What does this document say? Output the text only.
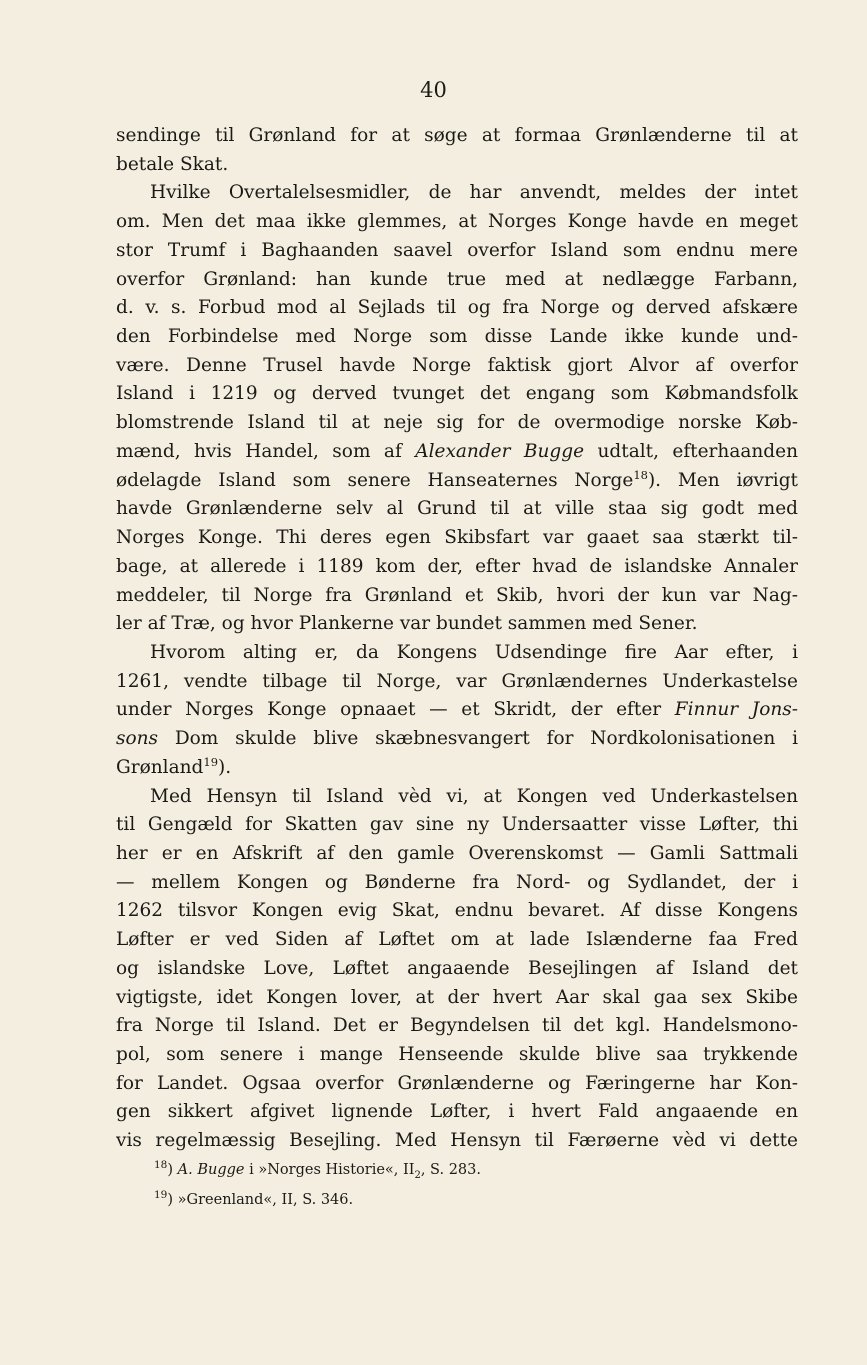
40
sendinge til Grønland for at søge at formaa Grønlænderne til at
betale Skat.
Hvilke Overtalelsesmidler, de har anvendt, meldes der intet
om. Men det maa ikke glemmes, at Norges Konge havde en meget
stor Trumf i Baghaanden saavel overfor Island som endnu mere
overfor Grønland: han kunde true med at nedlægge Farbann,
d. v. s. Forbud mod al Sejlads til og fra Norge og derved afskære
den Forbindelse med Norge som disse Lande ikke kunde und-
være. Denne Trusel havde Norge faktisk gjort Alvor af overfor
Island i 1219 og derved tvunget det engang som Købmandsfolk
blomstrende Island til at neje sig for de overmodige norske Køb-
mænd, hvis Handel, som af Alexander Bugge udtalt, efterhaanden
ødelagde Island som senere Hanseaternes Norge$^{18}$). Men iøvrigt
havde Grønlænderne selv al Grund til at ville staa sig godt med
Norges Konge. Thi deres egen Skibsfart var gaaet saa stærkt til-
bage, at allerede i 1189 kom der, efter hvad de islandske Annaler
meddeler, til Norge fra Grønland et Skib, hvori der kun var Nag-
ler af Træ, og hvor Plankerne var bundet sammen med Sener.
Hvorom alting er, da Kongens Udsendinge fire Aar efter, i
1261, vendte tilbage til Norge, var Grønlændernes Underkastelse
under Norges Konge opnaaet — et Skridt, der efter Finnur Jons-
sons Dom skulde blive skæbnesvangert for Nordkolonisationen i
Grønland$^{19}$).
Med Hensyn til Island vèd vi, at Kongen ved Underkastelsen
til Gengæld for Skatten gav sine ny Undersaatter visse Løfter, thi
her er en Afskrift af den gamle Overenskomst — Gamli Sattmali
— mellem Kongen og Bønderne fra Nord- og Sydlandet, der i
1262 tilsvor Kongen evig Skat, endnu bevaret. Af disse Kongens
Løfter er ved Siden af Løftet om at lade Islænderne faa Fred
og islandske Love, Løftet angaaende Besejlingen af Island det
vigtigste, idet Kongen lover, at der hvert Aar skal gaa sex Skibe
fra Norge til Island. Det er Begyndelsen til det kgl. Handelsmono-
pol, som senere i mange Henseende skulde blive saa trykkende
for Landet. Ogsaa overfor Grønlænderne og Færingerne har Kon-
gen sikkert afgivet lignende Løfter, i hvert Fald angaaende en
vis regelmæssig Besejling. Med Hensyn til Færøerne vèd vi dette
$^{18}$) A. Bugge i »Norges Historie«, $II_2$, S. 283.
$^{19}$) »Greenland«, II, S. 346.
